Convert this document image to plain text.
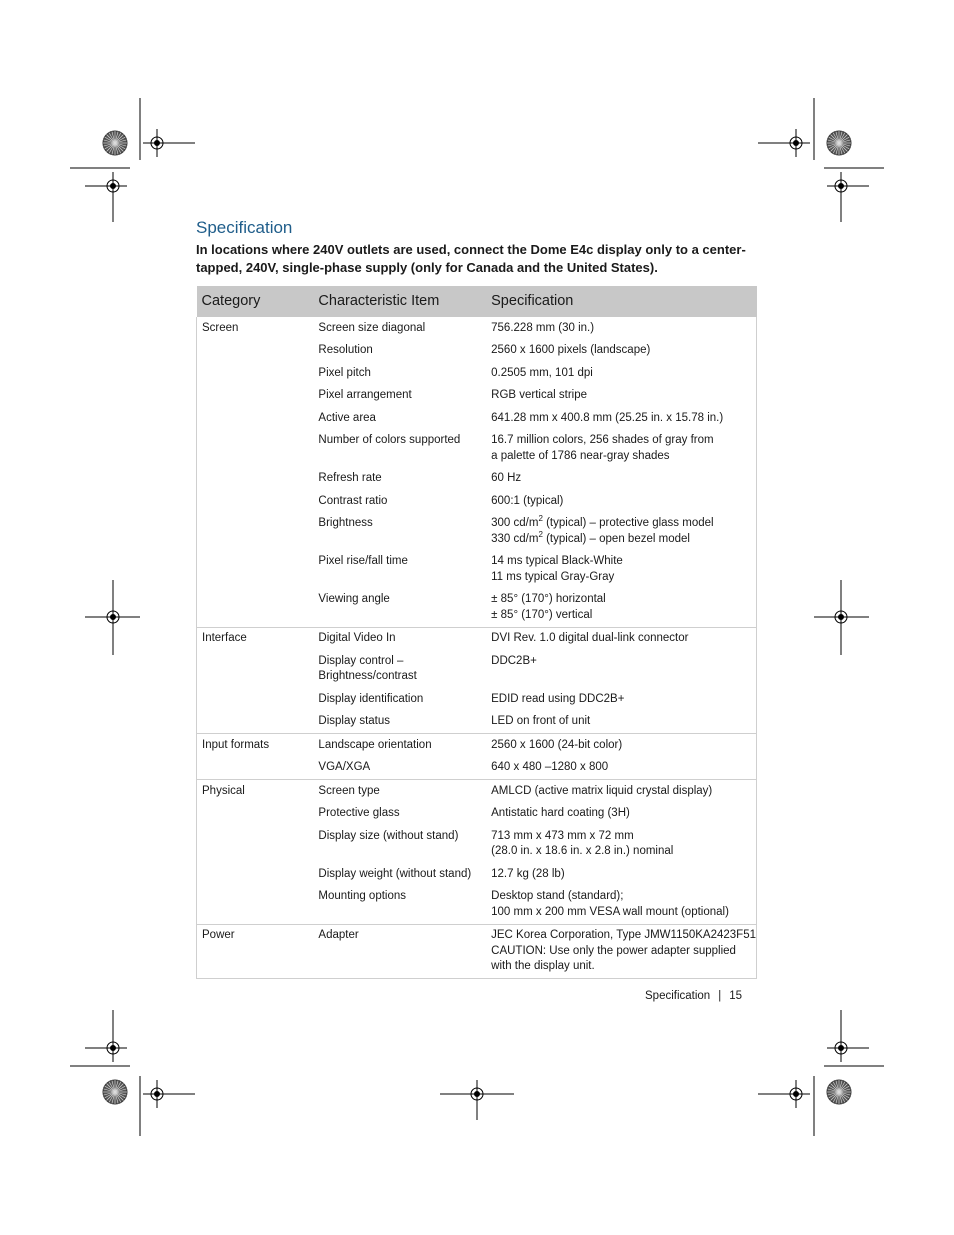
Specification
In locations where 240V outlets are used, connect the Dome E4c display only to a center-tapped, 240V, single-phase supply (only for Canada and the United States).
Category	Characteristic Item	Specification
Screen	Screen size diagonal	756.228 mm (30 in.)

	Resolution	2560 x 1600 pixels (landscape)

	Pixel pitch	0.2505 mm, 101 dpi

	Pixel arrangement	RGB vertical stripe

	Active area	641.28 mm x 400.8 mm (25.25 in. x 15.78 in.)

	Number of colors supported	16.7 million colors, 256 shades of gray from
a palette of 1786 near-gray shades

	Refresh rate	60 Hz

	Contrast ratio	600:1 (typical)

	Brightness	300 $cd/m^2$ (typical) – protective glass model
330 $cd/m^2$ (typical) – open bezel model

	Pixel rise/fall time	14 ms typical Black-White
11 ms typical Gray-Gray

	Viewing angle	± 85° (170°) horizontal
± 85° (170°) vertical

Interface	Digital Video In	DVI Rev. 1.0 digital dual-link connector

	Display control –
Brightness/contrast	DDC2B+

	Display identification	EDID read using DDC2B+

	Display status	LED on front of unit

Input formats	Landscape orientation	2560 x 1600 (24-bit color)

	VGA/XGA	640 x 480 –1280 x 800

Physical	Screen type	AMLCD (active matrix liquid crystal display)

	Protective glass	Antistatic hard coating (3H)

	Display size (without stand)	713 mm x 473 mm x 72 mm
(28.0 in. x 18.6 in. x 2.8 in.) nominal

	Display weight (without stand)	12.7 kg (28 lb)

	Mounting options	Desktop stand (standard);
100 mm x 200 mm VESA wall mount (optional)

Power	Adapter	JEC Korea Corporation, Type JMW1150KA2423F51
CAUTION: Use only the power adapter supplied
with the display unit.
Specification | 15
